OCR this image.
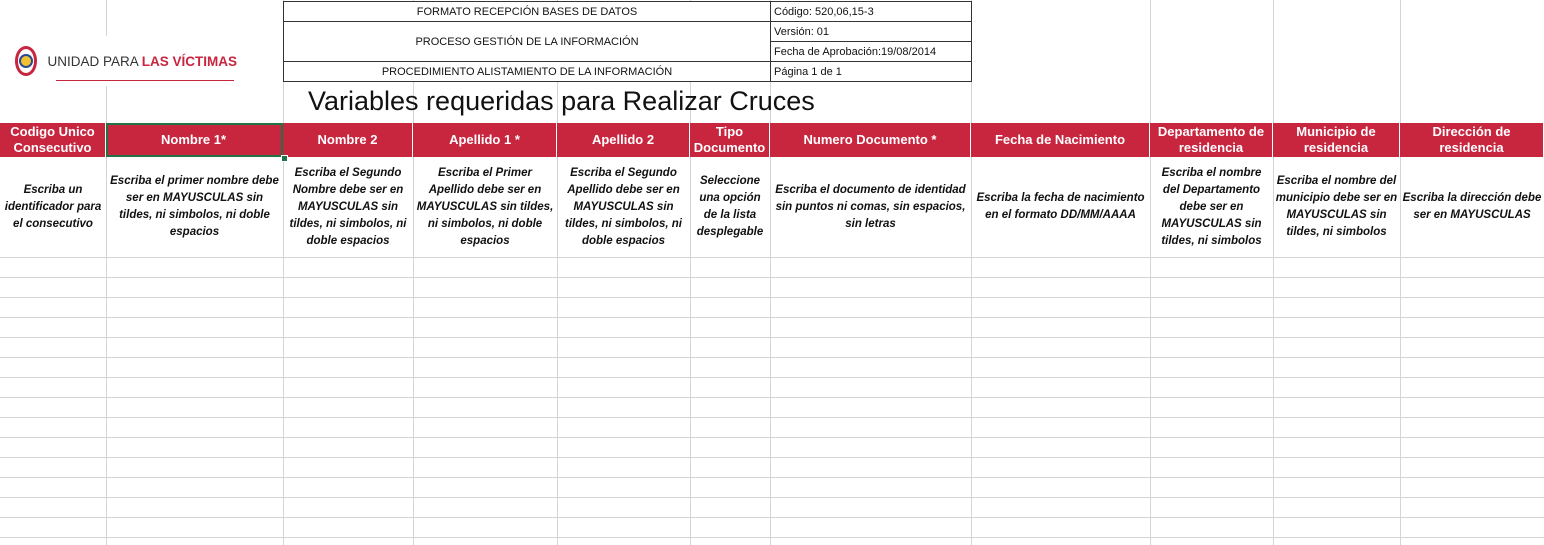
UNIDAD PARA LAS VÍCTIMAS
FORMATO RECEPCIÓN BASES DE DATOS
PROCESO GESTIÓN DE LA INFORMACIÓN
PROCEDIMIENTO ALISTAMIENTO DE LA INFORMACIÓN
Código: 520,06,15-3
Versión: 01
Fecha de Aprobación:19/08/2014
Página 1 de 1
Variables requeridas para Realizar Cruces
Codigo Unico Consecutivo
Escriba un identificador para el consecutivo
Nombre 1*
Escriba el primer nombre debe ser en MAYUSCULAS sin tildes, ni simbolos, ni doble espacios
Nombre 2
Escriba el Segundo Nombre debe ser en MAYUSCULAS sin tildes, ni simbolos, ni doble espacios
Apellido 1 *
Escriba el Primer Apellido debe ser en MAYUSCULAS sin tildes, ni simbolos, ni doble espacios
Apellido 2
Escriba el Segundo Apellido debe ser en MAYUSCULAS sin tildes, ni simbolos, ni doble espacios
Tipo Documento
Seleccione una opción de la lista desplegable
Numero Documento *
Escriba el documento de identidad sin puntos ni comas, sin espacios, sin letras
Fecha de Nacimiento
Escriba la fecha de nacimiento en el formato DD/MM/AAAA
Departamento de residencia
Escriba el nombre del Departamento debe ser en MAYUSCULAS sin tildes, ni simbolos
Municipio de residencia
Escriba el nombre del municipio debe ser en MAYUSCULAS sin tildes, ni simbolos
Dirección de residencia
Escriba la dirección debe ser en MAYUSCULAS
